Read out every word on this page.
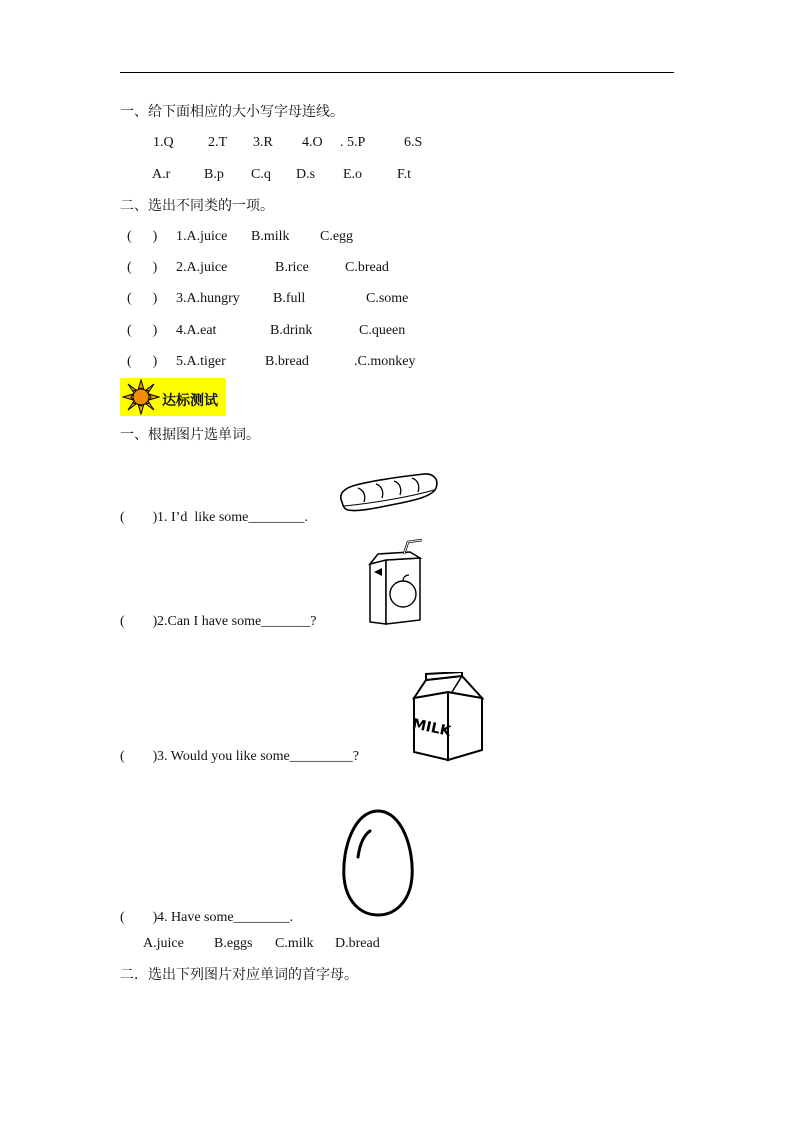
一、给下面相应的大小写字母连线。
1.Q 2.T 3.R 4.O . 5.P	6.S
A.r B.p C.q D.s E.o F.t
二、选出不同类的一项。
(      ) 1.A.juice B.milk C.egg
(      ) 2.A.juice	B.rice	C.bread
(      ) 3.A.hungry B.full	C.some
(      ) 4.A.eat	B.drink	C.queen
(      ) 5.A.tiger	B.bread	.C.monkey
达标测试
一、根据图片选单词。
(        ) 1. I’d  like some________.
(        ) 2.Can I have some_______?
MILK
(        ) 3. Would you like some_________?
(        ) 4. Have some________.
A.juice B.eggs C.milk D.bread
二．选出下列图片对应单词的首字母。
